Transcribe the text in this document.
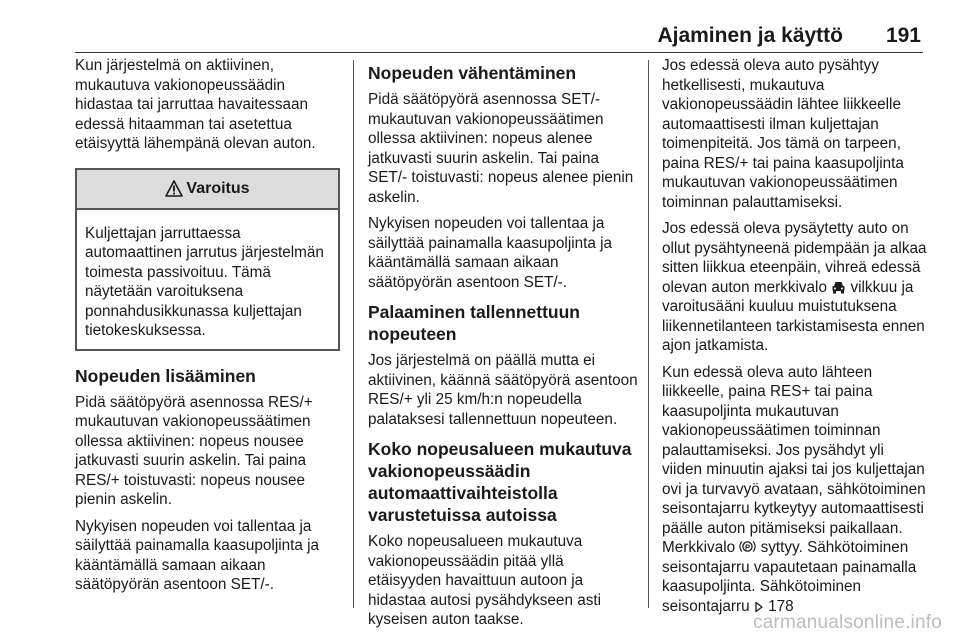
Ajaminen ja käyttö 191

Kun järjestelmä on aktiivinen, mukautuva vakionopeussäädin hidastaa tai jarruttaa havaitessaan edessä hitaamman tai asetettua etäisyyttä lähempänä olevan auton.

Varoitus
Kuljettajan jarruttaessa automaattinen jarrutus järjestelmän toimesta passivoituu. Tämä näytetään varoituksena ponnahdusikkunassa kuljettajan tietokeskuksessa.
Nopeuden lisääminen

Pidä säätöpyörä asennossa RES/+ mukautuvan vakionopeussäätimen ollessa aktiivinen: nopeus nousee jatkuvasti suurin askelin. Tai paina RES/+ toistuvasti: nopeus nousee pienin askelin.

Nykyisen nopeuden voi tallentaa ja säilyttää painamalla kaasupoljinta ja kääntämällä samaan aikaan säätöpyörän asentoon SET/-.

Nopeuden vähentäminen

Pidä säätöpyörä asennossa SET/- mukautuvan vakionopeussäätimen ollessa aktiivinen: nopeus alenee jatkuvasti suurin askelin. Tai paina SET/- toistuvasti: nopeus alenee pienin askelin.

Nykyisen nopeuden voi tallentaa ja säilyttää painamalla kaasupoljinta ja kääntämällä samaan aikaan säätöpyörän asentoon SET/-.

Palaaminen tallennettuun nopeuteen

Jos järjestelmä on päällä mutta ei aktiivinen, käännä säätöpyörä asentoon RES/+ yli 25 km/h:n nopeudella palataksesi tallennettuun nopeuteen.

Koko nopeusalueen mukautuva vakionopeussäädin automaattivaihteistolla varustetuissa autoissa

Koko nopeusalueen mukautuva vakionopeussäädin pitää yllä etäisyyden havaittuun autoon ja hidastaa autosi pysähdykseen asti kyseisen auton taakse.

Jos edessä oleva auto pysähtyy hetkellisesti, mukautuva vakionopeussäädin lähtee liikkeelle automaattisesti ilman kuljettajan toimenpiteitä. Jos tämä on tarpeen, paina RES/+ tai paina kaasupoljinta mukautuvan vakionopeussäätimen toiminnan palauttamiseksi.

Jos edessä oleva pysäytetty auto on ollut pysähtyneenä pidempään ja alkaa sitten liikkua eteenpäin, vihreä edessä olevan auton merkkivalo vilkkuu ja varoitusääni kuuluu muistutuksena liikennetilanteen tarkistamisesta ennen ajon jatkamista.

Kun edessä oleva auto lähteen liikkeelle, paina RES+ tai paina kaasupoljinta mukautuvan vakionopeussäätimen toiminnan palauttamiseksi. Jos pysähdyt yli viiden minuutin ajaksi tai jos kuljettajan ovi ja turvavyö avataan, sähkötoiminen seisontajarru kytkeytyy automaattisesti päälle auton pitämiseksi paikallaan. Merkkivalo P syttyy. Sähkötoiminen seisontajarru vapautetaan painamalla kaasupoljinta. Sähkötoiminen seisontajarru 178

carmanualsonline.info
